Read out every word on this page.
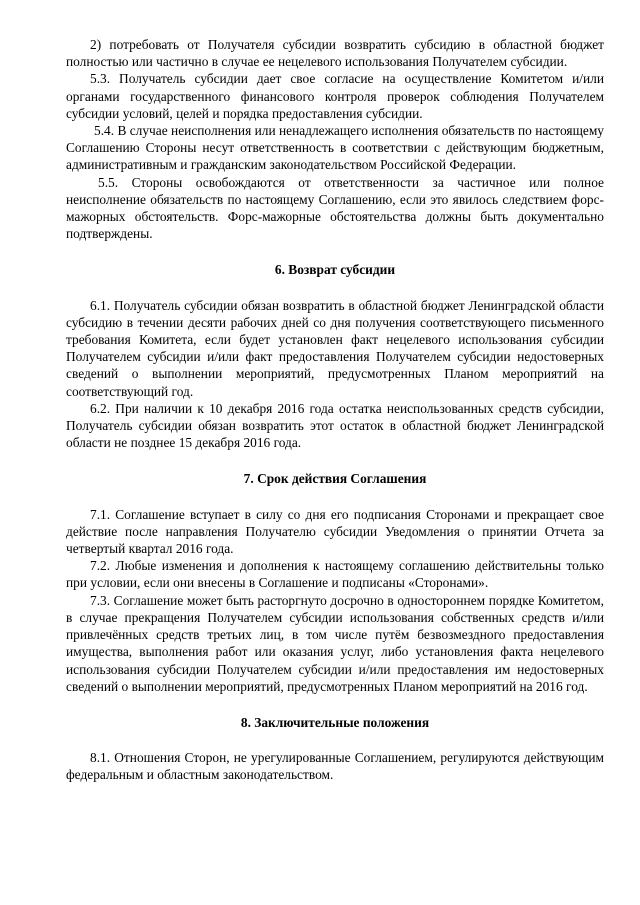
2) потребовать от Получателя субсидии возвратить субсидию в областной бюджет полностью или частично в случае ее нецелевого использования Получателем субсидии.

5.3. Получатель субсидии дает свое согласие на осуществление Комитетом и/или органами государственного финансового контроля проверок соблюдения Получателем субсидии условий, целей и порядка предоставления субсидии.

5.4. В случае неисполнения или ненадлежащего исполнения обязательств по настоящему Соглашению Стороны несут ответственность в соответствии с действующим бюджетным, административным и гражданским законодательством Российской Федерации.

5.5. Стороны освобождаются от ответственности за частичное или полное неисполнение обязательств по настоящему Соглашению, если это явилось следствием форс-мажорных обстоятельств. Форс-мажорные обстоятельства должны быть документально подтверждены.

6. Возврат субсидии

6.1. Получатель субсидии обязан возвратить в областной бюджет Ленинградской области субсидию в течении десяти рабочих дней со дня получения соответствующего письменного требования Комитета, если будет установлен факт нецелевого использования субсидии Получателем субсидии и/или факт предоставления Получателем субсидии недостоверных сведений о выполнении мероприятий, предусмотренных Планом мероприятий на соответствующий год.

6.2. При наличии к 10 декабря 2016 года остатка неиспользованных средств субсидии, Получатель субсидии обязан возвратить этот остаток в областной бюджет Ленинградской области не позднее 15 декабря 2016 года.

7. Срок действия Соглашения

7.1. Соглашение вступает в силу со дня его подписания Сторонами и прекращает свое действие после направления Получателю субсидии Уведомления о принятии Отчета за четвертый квартал 2016 года.

7.2. Любые изменения и дополнения к настоящему соглашению действительны только при условии, если они внесены в Соглашение и подписаны «Сторонами».

7.3. Соглашение может быть расторгнуто досрочно в одностороннем порядке Комитетом, в случае прекращения Получателем субсидии использования собственных средств и/или привлечённых средств третьих лиц, в том числе путём безвозмездного предоставления имущества, выполнения работ или оказания услуг, либо установления факта нецелевого использования субсидии Получателем субсидии и/или предоставления им недостоверных сведений о выполнении мероприятий, предусмотренных Планом мероприятий на 2016 год.

8. Заключительные положения

8.1. Отношения Сторон, не урегулированные Соглашением, регулируются действующим федеральным и областным законодательством.
